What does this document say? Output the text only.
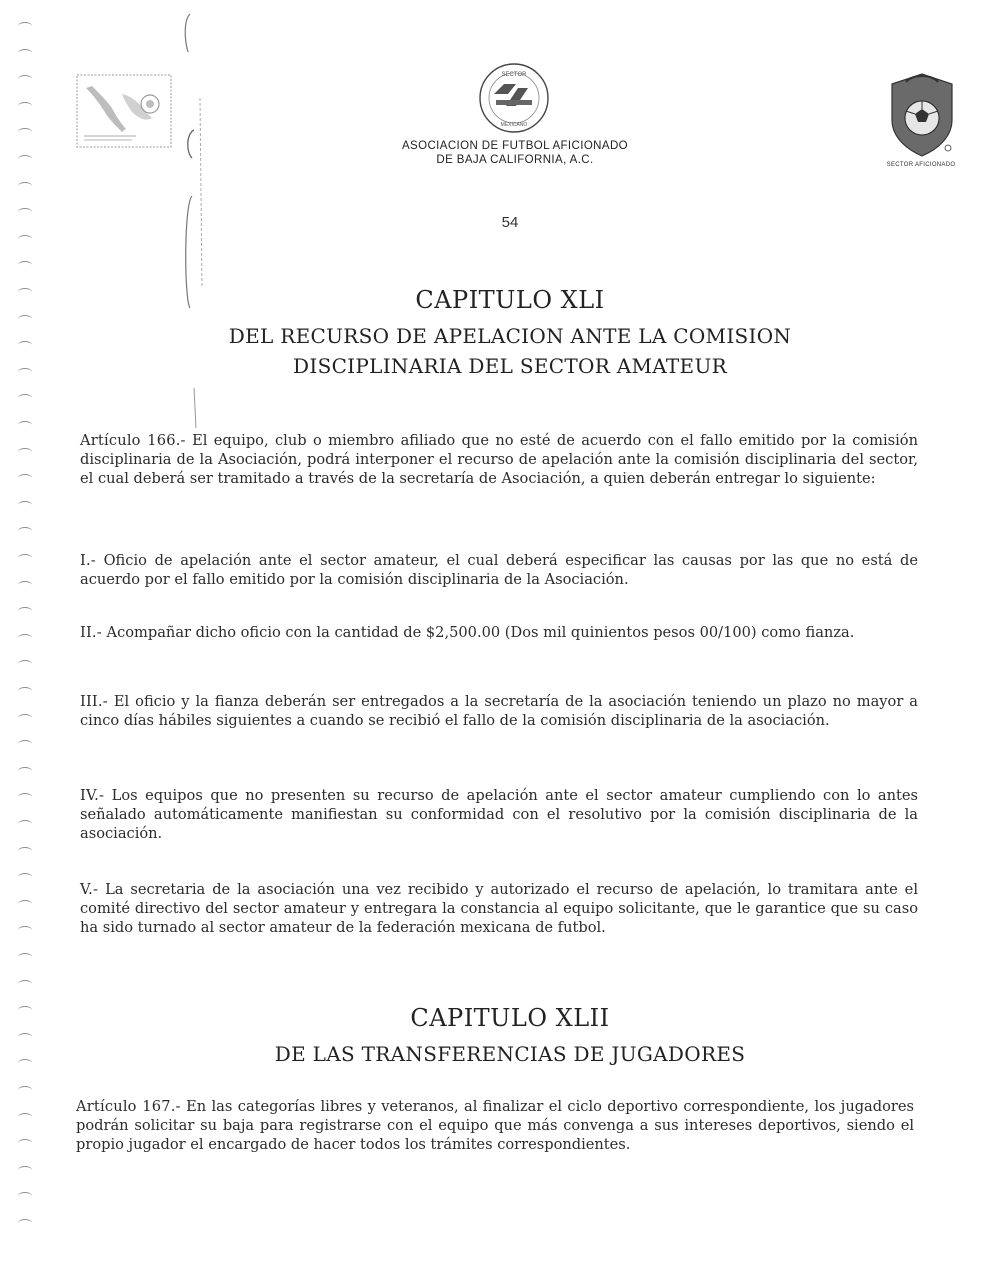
SECTOR
MEXICANO
ASOCIACION DE FUTBOL AFICIONADO
DE BAJA CALIFORNIA, A.C.	SECTOR AFICIONADO
54
CAPITULO XLI
DEL RECURSO DE APELACION ANTE LA COMISION
DISCIPLINARIA DEL SECTOR AMATEUR
Artículo 166.- El equipo, club o miembro afiliado que no esté de acuerdo con el fallo emitido por la comisión disciplinaria de la Asociación, podrá interponer el recurso de apelación ante la comisión disciplinaria del sector, el cual deberá ser tramitado a través de la secretaría de Asociación, a quien deberán entregar lo siguiente:
I.- Oficio de apelación ante el sector amateur, el cual deberá especificar las causas por las que no está de acuerdo por el fallo emitido por la comisión disciplinaria de la Asociación.
II.- Acompañar dicho oficio con la cantidad de $2,500.00 (Dos mil quinientos pesos 00/100) como fianza.
III.- El oficio y la fianza deberán ser entregados a la secretaría de la asociación teniendo un plazo no mayor a cinco días hábiles siguientes a cuando se recibió el fallo de la comisión disciplinaria de la asociación.
IV.- Los equipos que no presenten su recurso de apelación ante el sector amateur cumpliendo con lo antes señalado automáticamente manifiestan su conformidad con el resolutivo por la comisión disciplinaria de la asociación.
V.- La secretaria de la asociación una vez recibido y autorizado el recurso de apelación, lo tramitara ante el comité directivo del sector amateur y entregara la constancia al equipo solicitante, que le garantice que su caso ha sido turnado al sector amateur de la federación mexicana de futbol.
CAPITULO XLII
DE LAS TRANSFERENCIAS DE JUGADORES
Artículo 167.- En las categorías libres y veteranos, al finalizar el ciclo deportivo correspondiente, los jugadores podrán solicitar su baja para registrarse con el equipo que más convenga a sus intereses deportivos, siendo el propio jugador el encargado de hacer todos los trámites correspondientes.
